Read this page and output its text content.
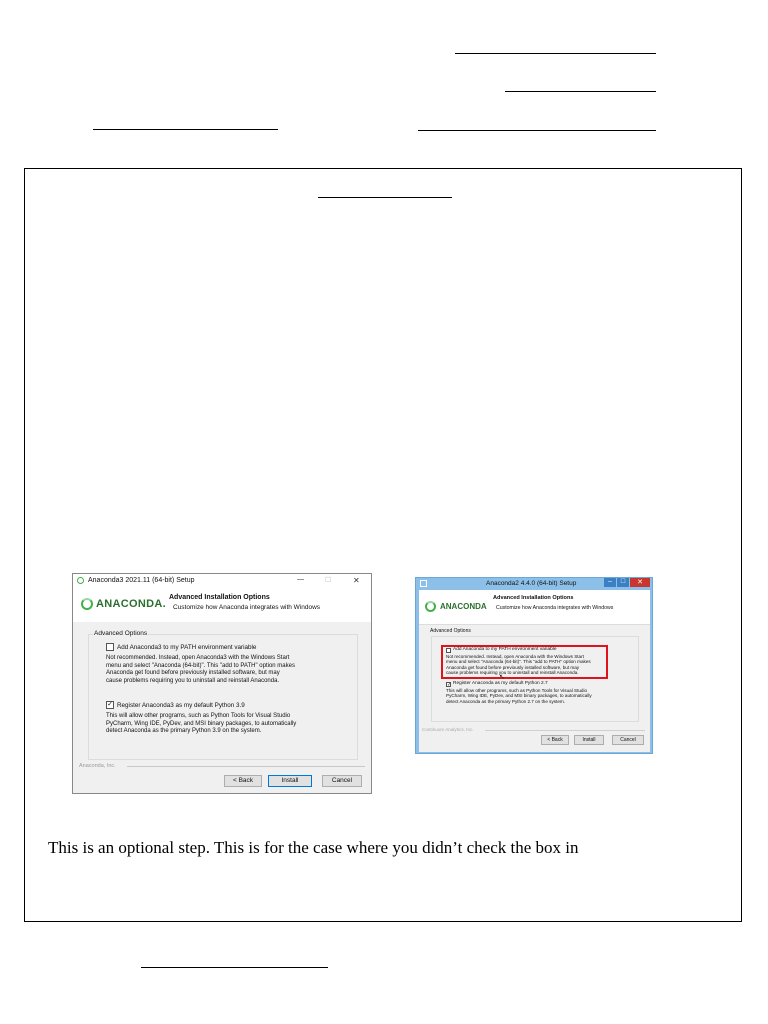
Anaconda3 2021.11 (64-bit) Setup	—	☐	✕
ANACONDA.
Advanced Installation Options
Customize how Anaconda integrates with Windows
Advanced Options
Add Anaconda3 to my PATH environment variable
Not recommended. Instead, open Anaconda3 with the Windows Start
menu and select "Anaconda (64-bit)". This "add to PATH" option makes
Anaconda get found before previously installed software, but may
cause problems requiring you to uninstall and reinstall Anaconda.
✓ Register Anaconda3 as my default Python 3.9
This will allow other programs, such as Python Tools for Visual Studio
PyCharm, Wing IDE, PyDev, and MSI binary packages, to automatically
detect Anaconda as the primary Python 3.9 on the system.
Anaconda, Inc.
< Back	Install	Cancel
Anaconda2 4.4.0 (64-bit) Setup	–	□	✕
ANACONDA
Advanced Installation Options
Customize how Anaconda integrates with Windows
Advanced Options
Add Anaconda to my PATH environment variable
Not recommended. Instead, open Anaconda with the Windows Start
menu and select "Anaconda (64-bit)". This "add to PATH" option makes
Anaconda get found before previously installed software, but may
cause problems requiring you to uninstall and reinstall Anaconda.
↖
✓ Register Anaconda as my default Python 2.7
This will allow other programs, such as Python Tools for Visual Studio
PyCharm, Wing IDE, PyDev, and MSI binary packages, to automatically
detect Anaconda as the primary Python 2.7 on the system.
Continuum Analytics, Inc.
< Back	Install	Cancel
This is an optional step. This is for the case where you didn’t check the box in
